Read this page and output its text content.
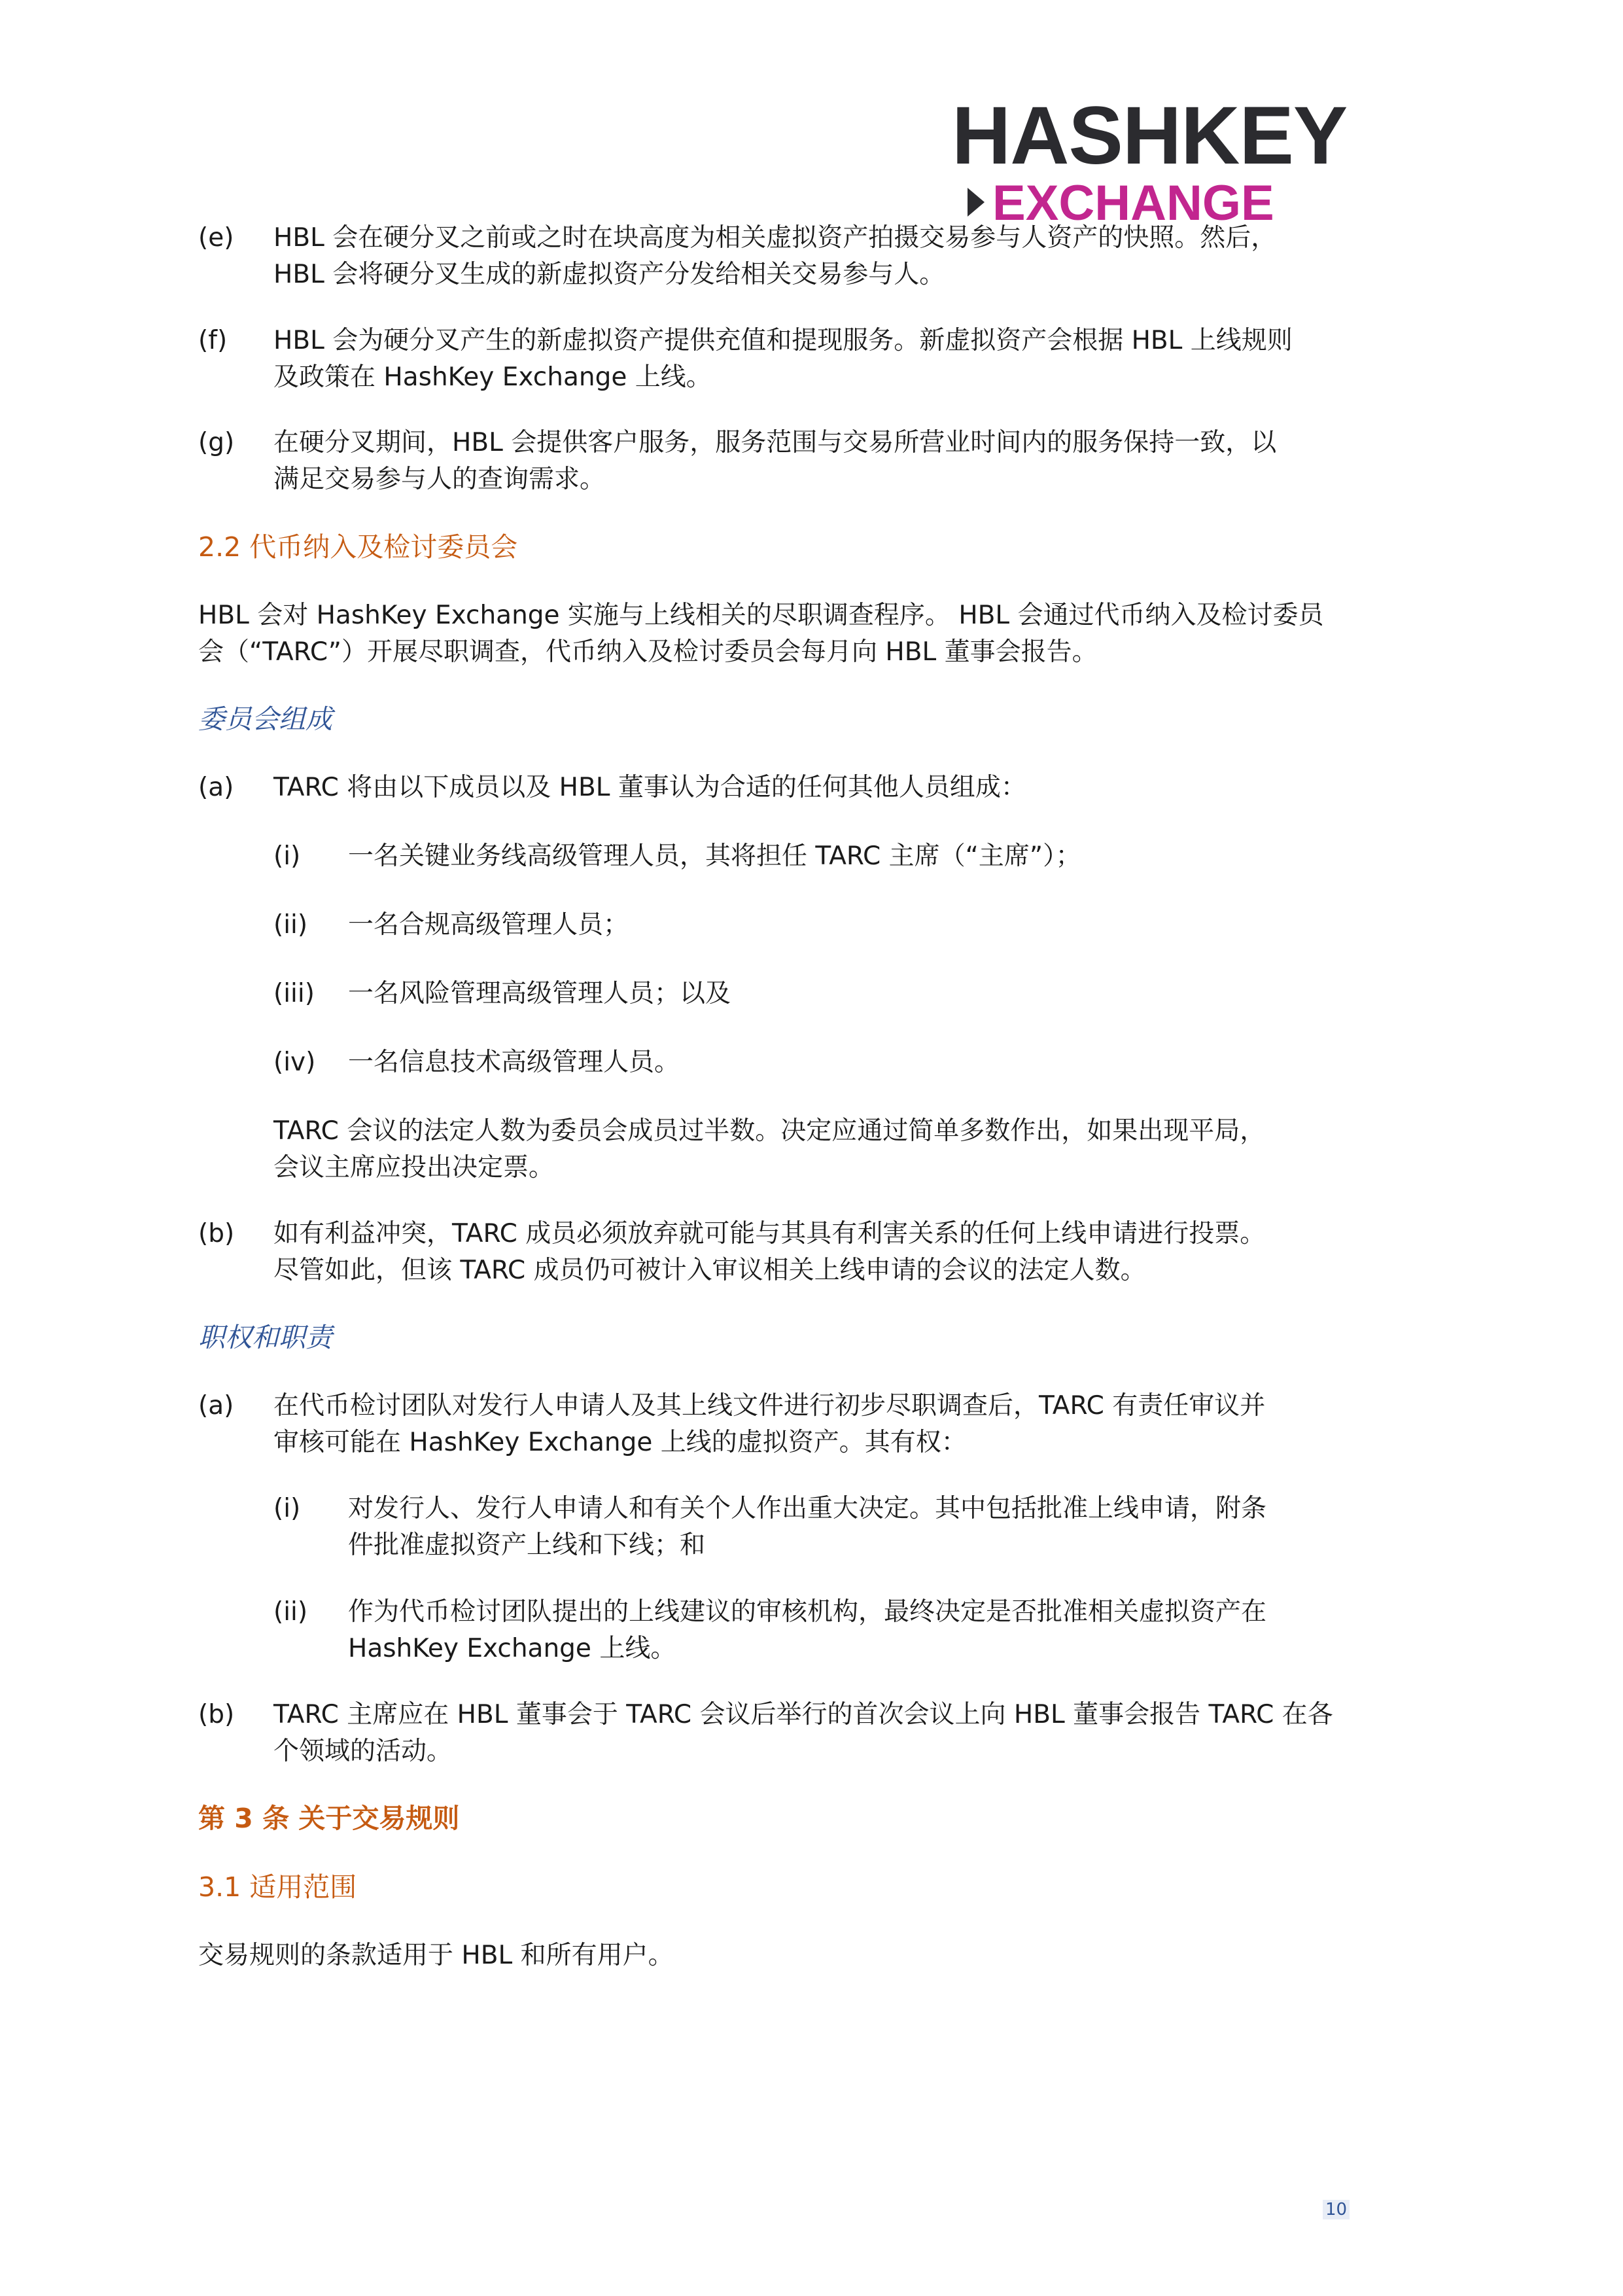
HASHKEY
EXCHANGE
(e) HBL 会在硬分叉之前或之时在块高度为相关虚拟资产拍摄交易参与人资产的快照。然后，
HBL 会将硬分叉生成的新虚拟资产分发给相关交易参与人。
(f) HBL 会为硬分叉产生的新虚拟资产提供充值和提现服务。新虚拟资产会根据 HBL 上线规则
及政策在 HashKey Exchange 上线。
(g) 在硬分叉期间，HBL 会提供客户服务，服务范围与交易所营业时间内的服务保持一致，以
满足交易参与人的查询需求。
2.2 代币纳入及检讨委员会
HBL 会对 HashKey Exchange 实施与上线相关的尽职调查程序。 HBL 会通过代币纳入及检讨委员
会（“TARC”）开展尽职调查，代币纳入及检讨委员会每月向 HBL 董事会报告。
委员会组成
(a) TARC 将由以下成员以及 HBL 董事认为合适的任何其他人员组成：
(i) 一名关键业务线高级管理人员，其将担任 TARC 主席（“主席”）；
(ii) 一名合规高级管理人员；
(iii) 一名风险管理高级管理人员；以及
(iv) 一名信息技术高级管理人员。
TARC 会议的法定人数为委员会成员过半数。决定应通过简单多数作出，如果出现平局，
会议主席应投出决定票。
(b) 如有利益冲突，TARC 成员必须放弃就可能与其具有利害关系的任何上线申请进行投票。
尽管如此，但该 TARC 成员仍可被计入审议相关上线申请的会议的法定人数。
职权和职责
(a) 在代币检讨团队对发行人申请人及其上线文件进行初步尽职调查后，TARC 有责任审议并
审核可能在 HashKey Exchange 上线的虚拟资产。其有权：
(i) 对发行人、发行人申请人和有关个人作出重大决定。其中包括批准上线申请，附条
件批准虚拟资产上线和下线；和
(ii) 作为代币检讨团队提出的上线建议的审核机构，最终决定是否批准相关虚拟资产在
HashKey Exchange 上线。
(b) TARC 主席应在 HBL 董事会于 TARC 会议后举行的首次会议上向 HBL 董事会报告 TARC 在各
个领域的活动。
第 3 条 关于交易规则
3.1 适用范围
交易规则的条款适用于 HBL 和所有用户。
10
